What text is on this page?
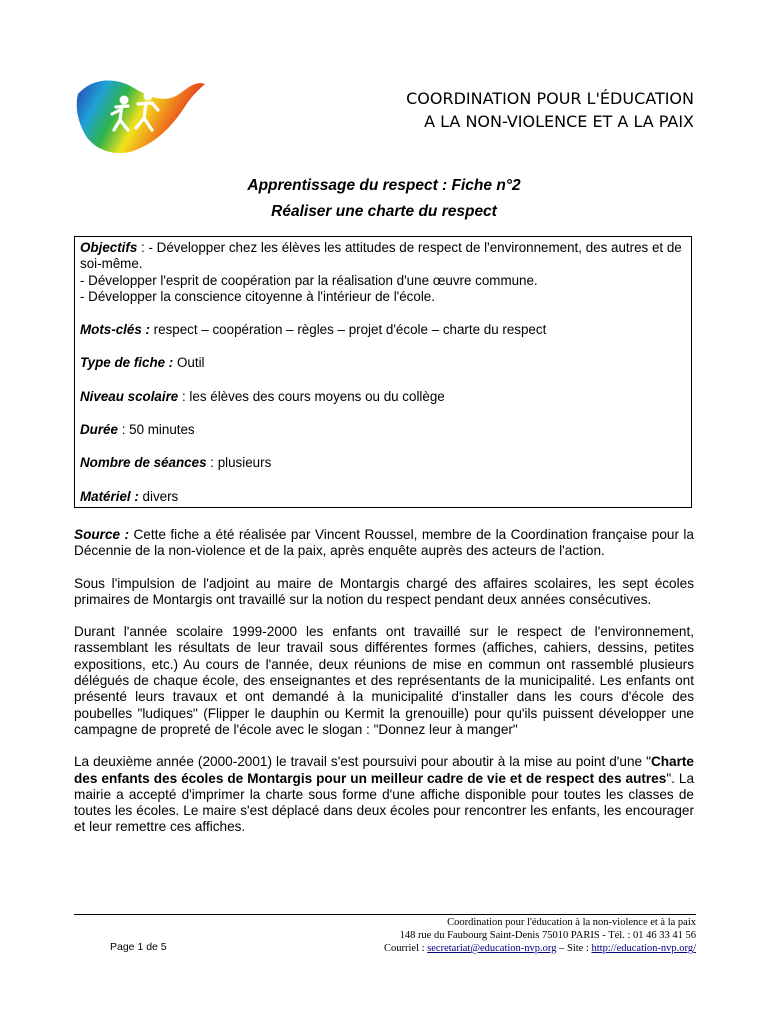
COORDINATION POUR L'ÉDUCATION
A LA NON-VIOLENCE ET A LA PAIX
Apprentissage du respect : Fiche n°2
Réaliser une charte du respect

Objectifs : - Développer chez les élèves les attitudes de respect de l'environnement, des autres et de soi-même.

- Développer l'esprit de coopération par la réalisation d'une œuvre commune.

- Développer la conscience citoyenne à l'intérieur de l'école.

Mots-clés : respect – coopération – règles – projet d'école – charte du respect

Type de fiche : Outil

Niveau scolaire : les élèves des cours moyens ou du collège

Durée : 50 minutes

Nombre de séances : plusieurs

Matériel : divers

Source : Cette fiche a été réalisée par Vincent Roussel, membre de la Coordination française pour la Décennie de la non-violence et de la paix, après enquête auprès des acteurs de l'action.

Sous l'impulsion de l'adjoint au maire de Montargis chargé des affaires scolaires, les sept écoles primaires de Montargis ont travaillé sur la notion du respect pendant deux années consécutives.

Durant l'année scolaire 1999-2000 les enfants ont travaillé sur le respect de l'environnement, rassemblant les résultats de leur travail sous différentes formes (affiches, cahiers, dessins, petites expositions, etc.) Au cours de l'année, deux réunions de mise en commun ont rassemblé plusieurs délégués de chaque école, des enseignantes et des représentants de la municipalité. Les enfants ont présenté leurs travaux et ont demandé à la municipalité d'installer dans les cours d'école des poubelles "ludiques" (Flipper le dauphin ou Kermit la grenouille) pour qu'ils puissent développer une campagne de propreté de l'école avec le slogan : "Donnez leur à manger"

La deuxième année (2000-2001) le travail s'est poursuivi pour aboutir à la mise au point d'une "Charte des enfants des écoles de Montargis pour un meilleur cadre de vie et de respect des autres". La mairie a accepté d'imprimer la charte sous forme d'une affiche disponible pour toutes les classes de toutes les écoles. Le maire s'est déplacé dans deux écoles pour rencontrer les enfants, les encourager et leur remettre ces affiches.

Page 1 de 5
Coordination pour l'éducation à la non-violence et à la paix
148 rue du Faubourg Saint-Denis 75010 PARIS - Tél. : 01 46 33 41 56
Courriel : secretariat@education-nvp.org – Site : http://education-nvp.org/
